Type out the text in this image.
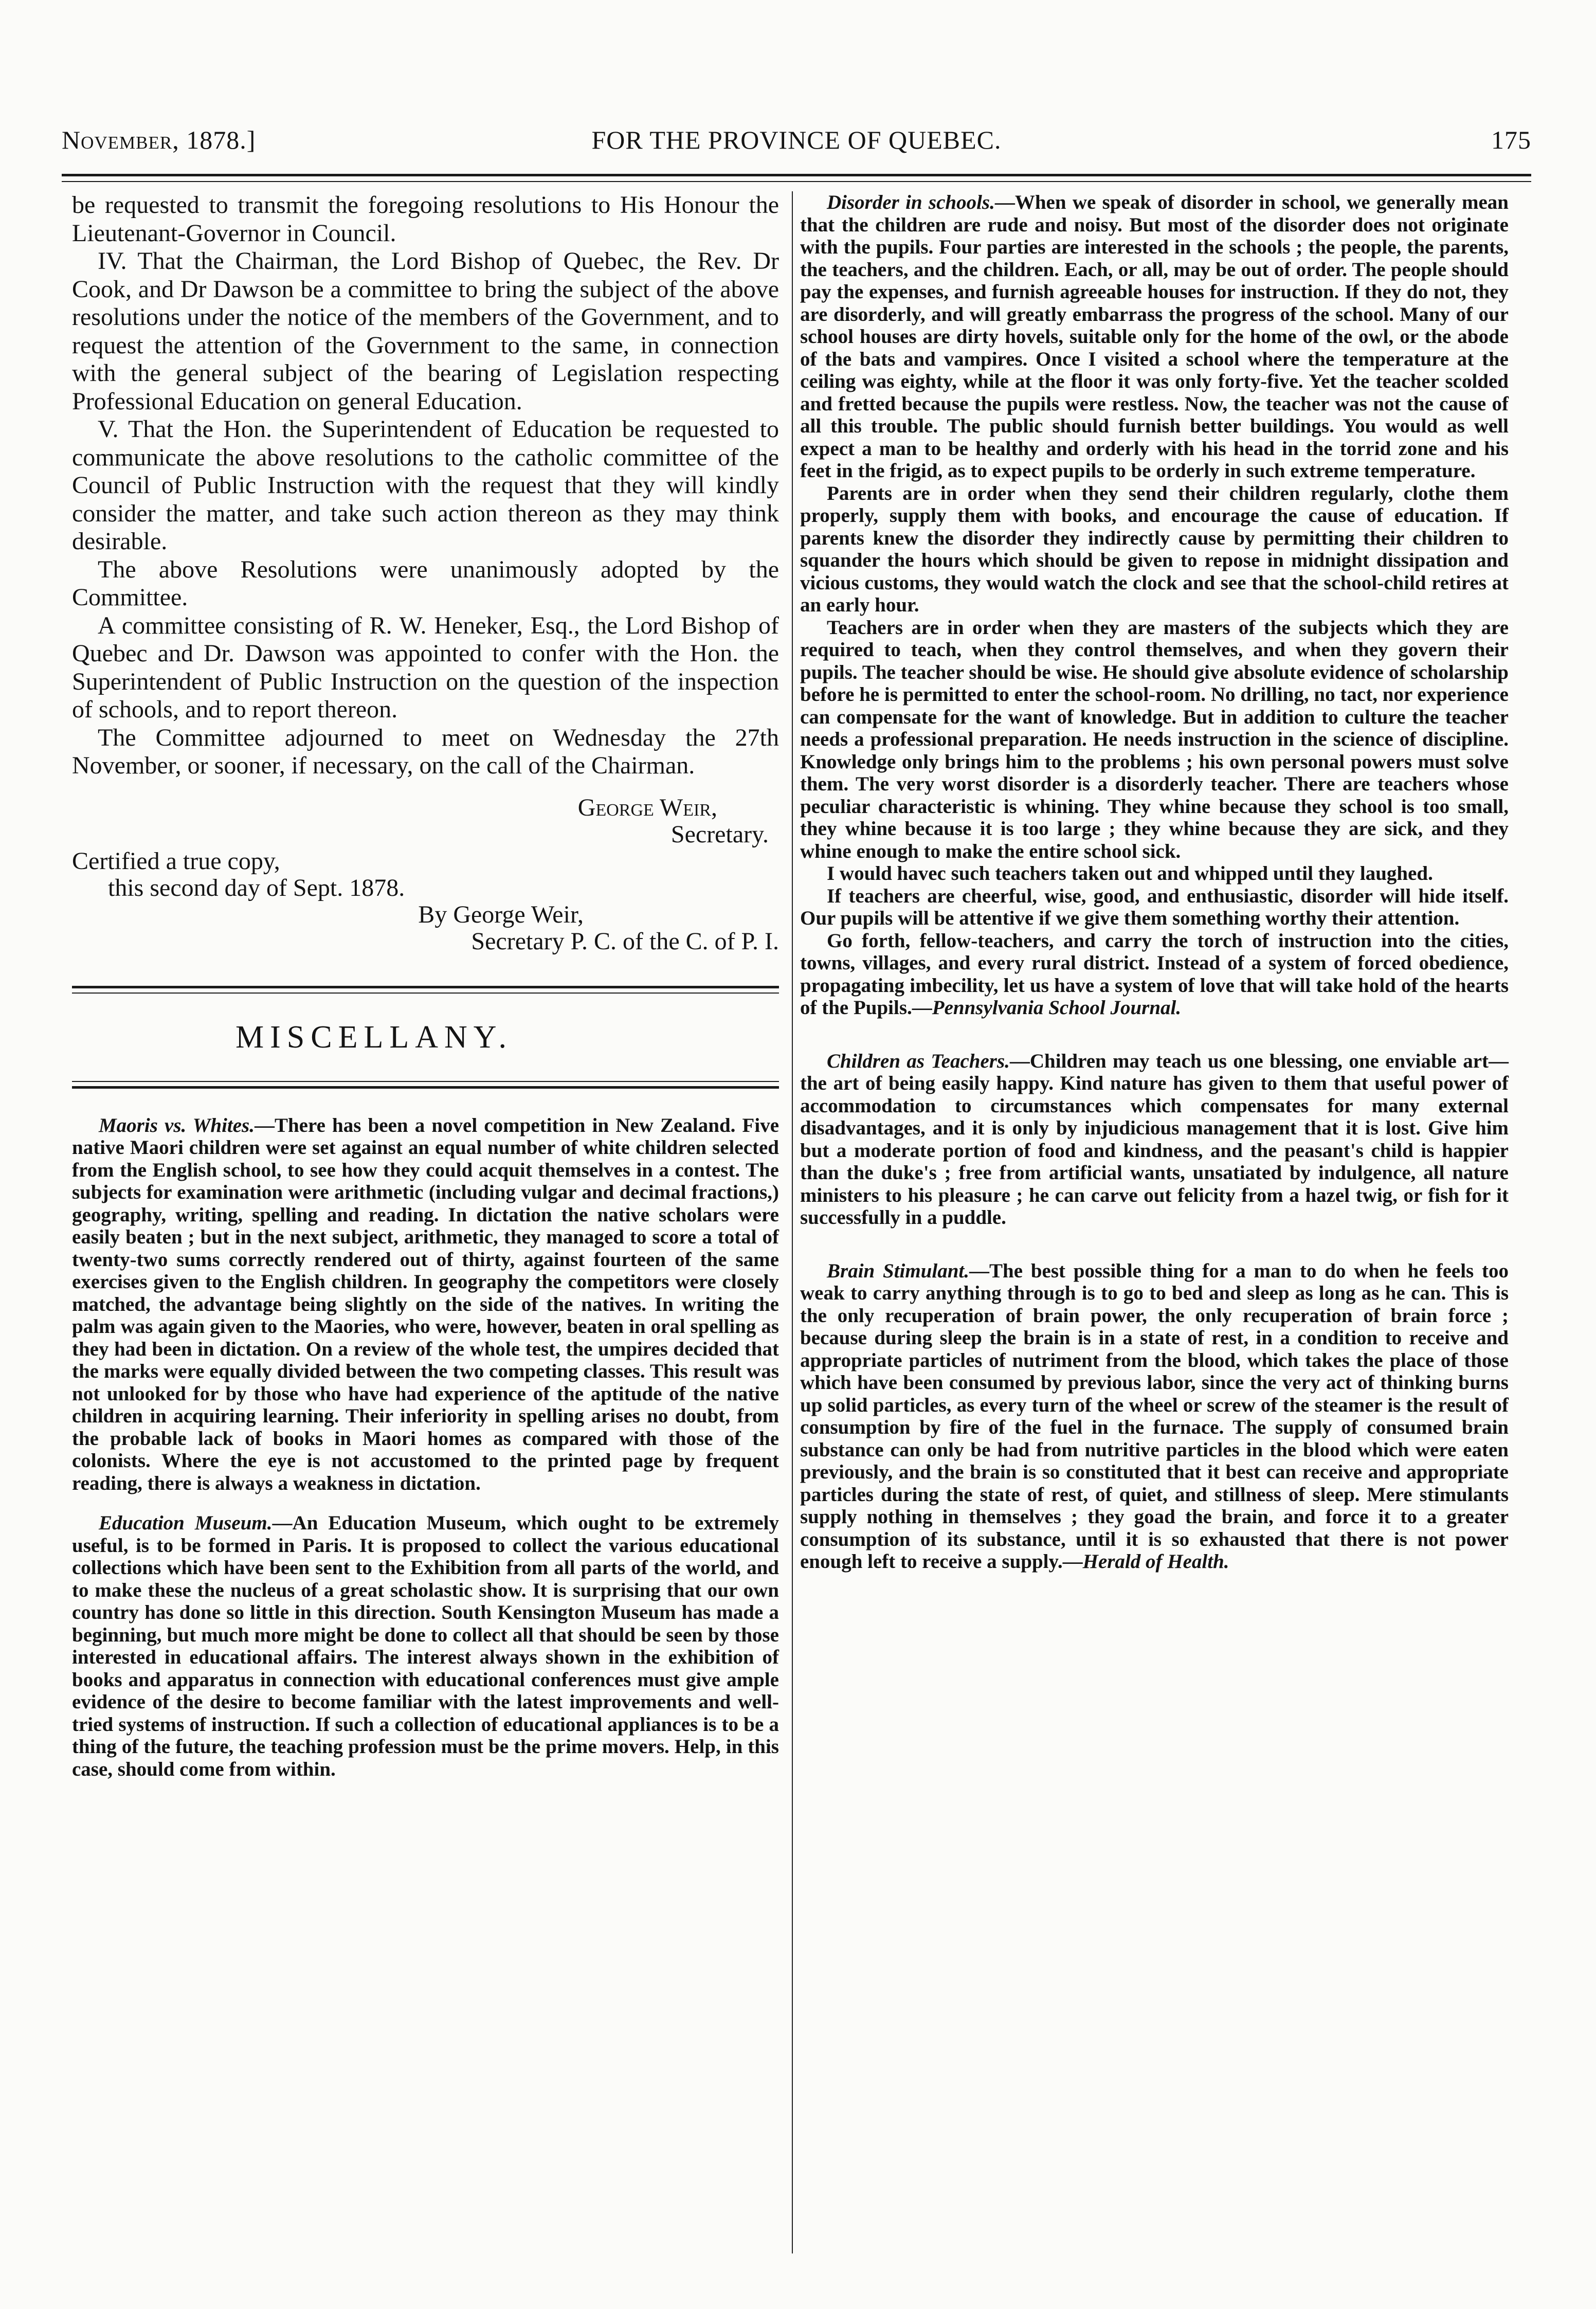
November, 1878.]	FOR THE PROVINCE OF QUEBEC.	175

be requested to transmit the foregoing resolutions to His Honour the Lieutenant-Governor in Council.

IV. That the Chairman, the Lord Bishop of Quebec, the Rev. Dr Cook, and Dr Dawson be a committee to bring the subject of the above resolutions under the notice of the members of the Government, and to request the attention of the Government to the same, in connection with the general subject of the bearing of Legislation respecting Professional Education on general Education.

V. That the Hon. the Superintendent of Education be requested to communicate the above resolutions to the catholic committee of the Council of Public Instruction with the request that they will kindly consider the matter, and take such action thereon as they may think desirable.

The above Resolutions were unanimously adopted by the Committee.

A committee consisting of R. W. Heneker, Esq., the Lord Bishop of Quebec and Dr. Dawson was appointed to confer with the Hon. the Superintendent of Public Instruction on the question of the inspection of schools, and to report thereon.

The Committee adjourned to meet on Wednesday the 27th November, or sooner, if necessary, on the call of the Chairman.

George Weir,
Secretary.
Certified a true copy,
this second day of Sept. 1878.
By George Weir,
Secretary P. C. of the C. of P. I.
MISCELLANY.

Maoris vs. Whites.—There has been a novel competition in New Zealand. Five native Maori children were set against an equal number of white children selected from the English school, to see how they could acquit themselves in a contest. The subjects for examination were arithmetic (including vulgar and decimal fractions,) geography, writing, spelling and reading. In dictation the native scholars were easily beaten ; but in the next subject, arithmetic, they managed to score a total of twenty-two sums correctly rendered out of thirty, against fourteen of the same exercises given to the English children. In geography the competitors were closely matched, the advantage being slightly on the side of the natives. In writing the palm was again given to the Maories, who were, however, beaten in oral spelling as they had been in dictation. On a review of the whole test, the umpires decided that the marks were equally divided between the two competing classes. This result was not unlooked for by those who have had experience of the aptitude of the native children in acquiring learning. Their inferiority in spelling arises no doubt, from the probable lack of books in Maori homes as compared with those of the colonists. Where the eye is not accustomed to the printed page by frequent reading, there is always a weakness in dictation.

Education Museum.—An Education Museum, which ought to be extremely useful, is to be formed in Paris. It is proposed to collect the various educational collections which have been sent to the Exhibition from all parts of the world, and to make these the nucleus of a great scholastic show. It is surprising that our own country has done so little in this direction. South Kensington Museum has made a beginning, but much more might be done to collect all that should be seen by those interested in educational affairs. The interest always shown in the exhibition of books and apparatus in connection with educational conferences must give ample evidence of the desire to become familiar with the latest improvements and well-tried systems of instruction. If such a collection of educational appliances is to be a thing of the future, the teaching profession must be the prime movers. Help, in this case, should come from within.

Disorder in schools.—When we speak of disorder in school, we generally mean that the children are rude and noisy. But most of the disorder does not originate with the pupils. Four parties are interested in the schools ; the people, the parents, the teachers, and the children. Each, or all, may be out of order. The people should pay the expenses, and furnish agreeable houses for instruction. If they do not, they are disorderly, and will greatly embarrass the progress of the school. Many of our school houses are dirty hovels, suitable only for the home of the owl, or the abode of the bats and vampires. Once I visited a school where the temperature at the ceiling was eighty, while at the floor it was only forty-five. Yet the teacher scolded and fretted because the pupils were restless. Now, the teacher was not the cause of all this trouble. The public should furnish better buildings. You would as well expect a man to be healthy and orderly with his head in the torrid zone and his feet in the frigid, as to expect pupils to be orderly in such extreme temperature.

Parents are in order when they send their children regularly, clothe them properly, supply them with books, and encourage the cause of education. If parents knew the disorder they indirectly cause by permitting their children to squander the hours which should be given to repose in midnight dissipation and vicious customs, they would watch the clock and see that the school-child retires at an early hour.

Teachers are in order when they are masters of the subjects which they are required to teach, when they control themselves, and when they govern their pupils. The teacher should be wise. He should give absolute evidence of scholarship before he is permitted to enter the school-room. No drilling, no tact, nor experience can compensate for the want of knowledge. But in addition to culture the teacher needs a professional preparation. He needs instruction in the science of discipline. Knowledge only brings him to the problems ; his own personal powers must solve them. The very worst disorder is a disorderly teacher. There are teachers whose peculiar characteristic is whining. They whine because they school is too small, they whine because it is too large ; they whine because they are sick, and they whine enough to make the entire school sick.

I would havec such teachers taken out and whipped until they laughed.

If teachers are cheerful, wise, good, and enthusiastic, disorder will hide itself. Our pupils will be attentive if we give them something worthy their attention.

Go forth, fellow-teachers, and carry the torch of instruction into the cities, towns, villages, and every rural district. Instead of a system of forced obedience, propagating imbecility, let us have a system of love that will take hold of the hearts of the Pupils.—Pennsylvania School Journal.

Children as Teachers.—Children may teach us one blessing, one enviable art—the art of being easily happy. Kind nature has given to them that useful power of accommodation to circumstances which compensates for many external disadvantages, and it is only by injudicious management that it is lost. Give him but a moderate portion of food and kindness, and the peasant's child is happier than the duke's ; free from artificial wants, unsatiated by indulgence, all nature ministers to his pleasure ; he can carve out felicity from a hazel twig, or fish for it successfully in a puddle.

Brain Stimulant.—The best possible thing for a man to do when he feels too weak to carry anything through is to go to bed and sleep as long as he can. This is the only recuperation of brain power, the only recuperation of brain force ; because during sleep the brain is in a state of rest, in a condition to receive and appropriate particles of nutriment from the blood, which takes the place of those which have been consumed by previous labor, since the very act of thinking burns up solid particles, as every turn of the wheel or screw of the steamer is the result of consumption by fire of the fuel in the furnace. The supply of consumed brain substance can only be had from nutritive particles in the blood which were eaten previously, and the brain is so constituted that it best can receive and appropriate particles during the state of rest, of quiet, and stillness of sleep. Mere stimulants supply nothing in themselves ; they goad the brain, and force it to a greater consumption of its substance, until it is so exhausted that there is not power enough left to receive a supply.—Herald of Health.
